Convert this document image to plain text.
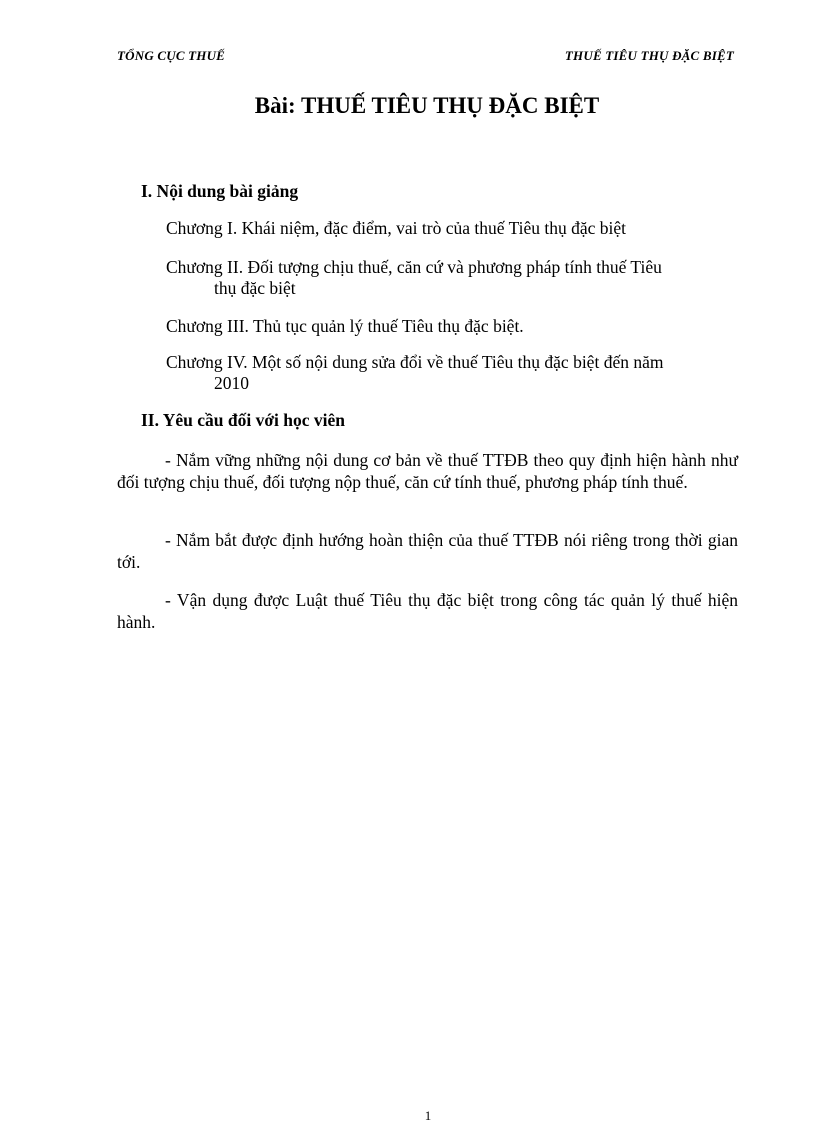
TỔNG CỤC THUẾ	THUẾ TIÊU THỤ ĐẶC BIỆT
Bài: THUẾ TIÊU THỤ ĐẶC BIỆT
I. Nội dung bài giảng
Chương I. Khái niệm, đặc điểm, vai trò của thuế Tiêu thụ đặc biệt
Chương II. Đối tượng chịu thuế, căn cứ và phương pháp tính thuế Tiêu
thụ đặc biệt
Chương III. Thủ tục quản lý thuế Tiêu thụ đặc biệt.
Chương IV. Một số nội dung sửa đổi về thuế Tiêu thụ đặc biệt đến năm
2010
II. Yêu cầu đối với học viên
- Nắm vững những nội dung cơ bản về thuế TTĐB theo quy định hiện hành như đối tượng chịu thuế, đối tượng nộp thuế, căn cứ tính thuế, phương pháp tính thuế.
- Nắm bắt được định hướng hoàn thiện của thuế TTĐB nói riêng trong thời gian tới.
- Vận dụng được Luật thuế Tiêu thụ đặc biệt trong công tác quản lý thuế hiện hành.
1
